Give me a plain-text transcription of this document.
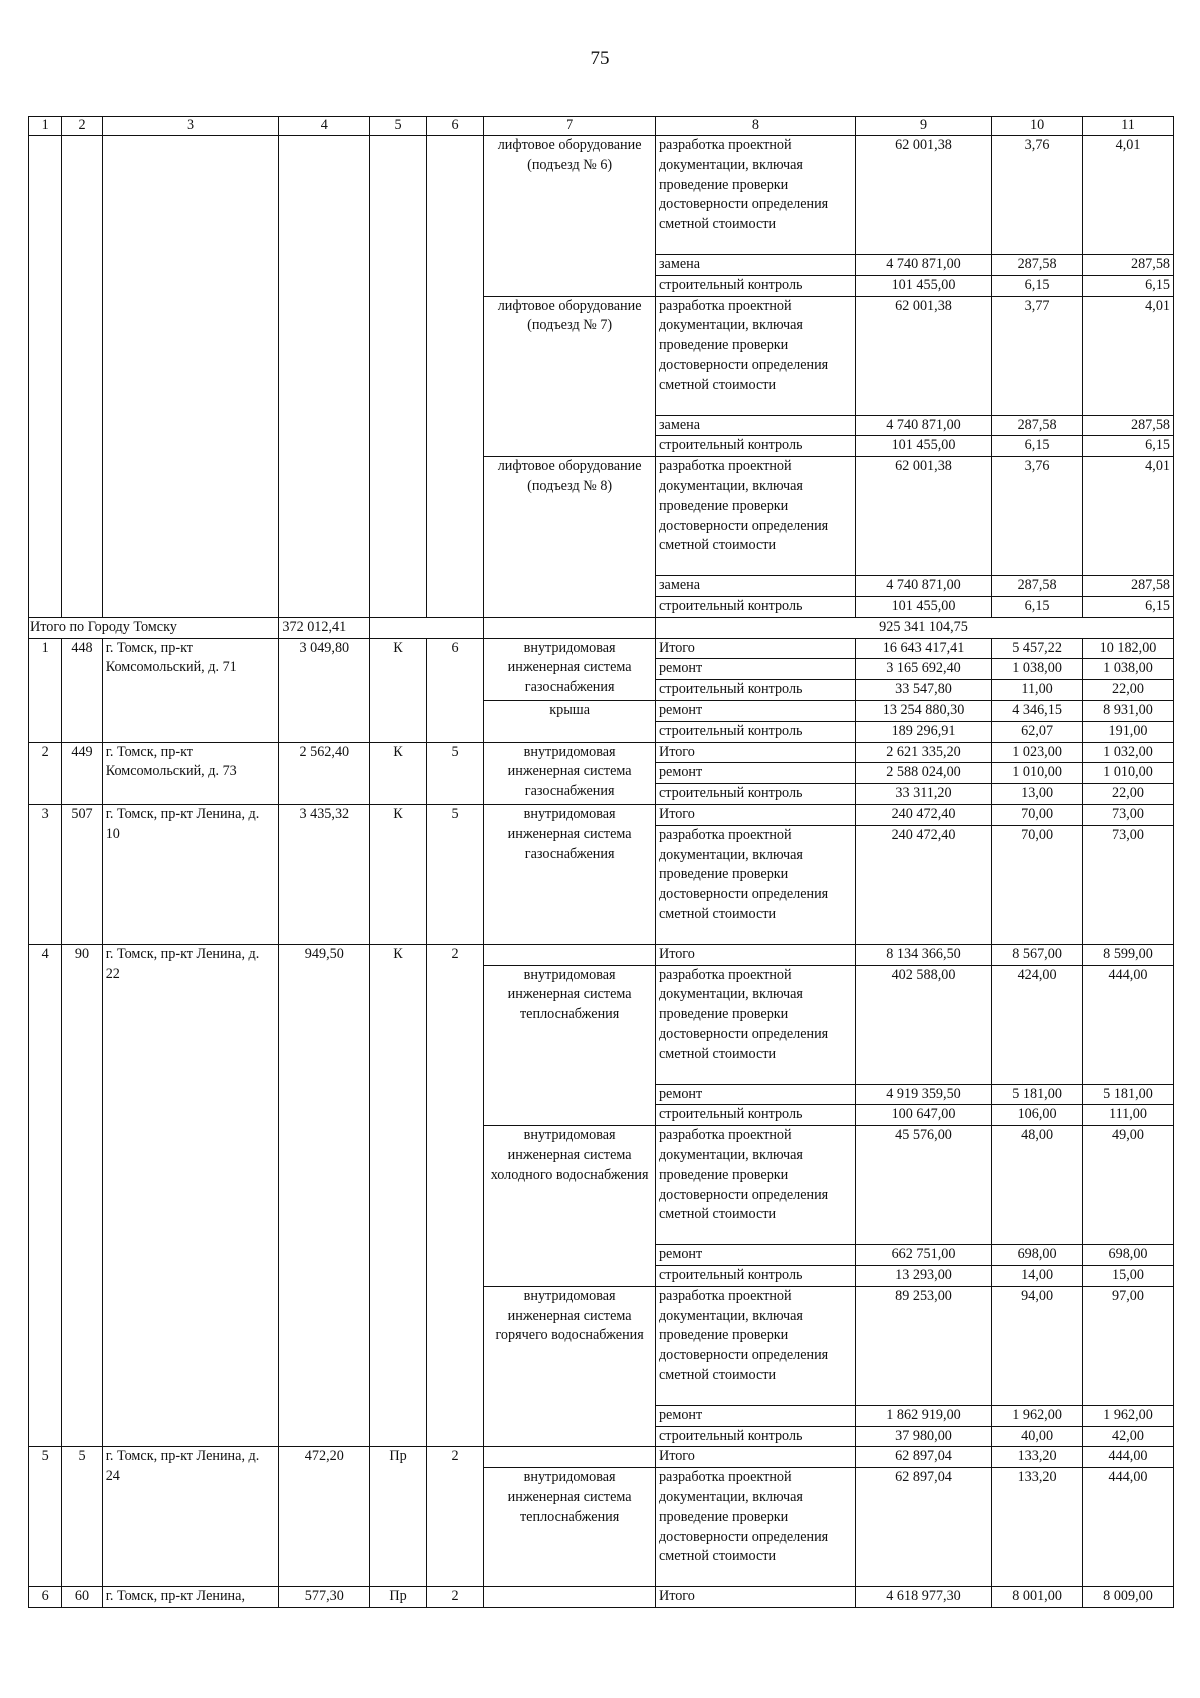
75
1	2	3	4	5	6	7	8	9	10	11
						лифтовое оборудование (подъезд № 6)	разработка проектной документации, включая проведение проверки достоверности определения сметной стоимости	62 001,38	3,76	4,01
							замена	4 740 871,00	287,58	287,58
							строительный контроль	101 455,00	6,15	6,15
						лифтовое оборудование (подъезд № 7)	разработка проектной документации, включая проведение проверки достоверности определения сметной стоимости	62 001,38	3,77	4,01
							замена	4 740 871,00	287,58	287,58
							строительный контроль	101 455,00	6,15	6,15
						лифтовое оборудование (подъезд № 8)	разработка проектной документации, включая проведение проверки достоверности определения сметной стоимости	62 001,38	3,76	4,01
							замена	4 740 871,00	287,58	287,58
							строительный контроль	101 455,00	6,15	6,15
Итого по Городу Томску			372 012,41					925 341 104,75		
1	448	г. Томск, пр-кт Комсомольский, д. 71	3 049,80	К	6	внутридомовая инженерная система газоснабжения	Итого	16 643 417,41	5 457,22	10 182,00
							ремонт	3 165 692,40	1 038,00	1 038,00
							строительный контроль	33 547,80	11,00	22,00
						крыша	ремонт	13 254 880,30	4 346,15	8 931,00
							строительный контроль	189 296,91	62,07	191,00
2	449	г. Томск, пр-кт Комсомольский, д. 73	2 562,40	К	5	внутридомовая инженерная система газоснабжения	Итого	2 621 335,20	1 023,00	1 032,00
							ремонт	2 588 024,00	1 010,00	1 010,00
							строительный контроль	33 311,20	13,00	22,00
3	507	г. Томск, пр-кт Ленина, д. 10	3 435,32	К	5	внутридомовая инженерная система газоснабжения	Итого	240 472,40	70,00	73,00
							разработка проектной документации, включая проведение проверки достоверности определения сметной стоимости	240 472,40	70,00	73,00
4	90	г. Томск, пр-кт Ленина, д. 22	949,50	К	2		Итого	8 134 366,50	8 567,00	8 599,00
						внутридомовая инженерная система теплоснабжения	разработка проектной документации, включая проведение проверки достоверности определения сметной стоимости	402 588,00	424,00	444,00
							ремонт	4 919 359,50	5 181,00	5 181,00
							строительный контроль	100 647,00	106,00	111,00
						внутридомовая инженерная система холодного водоснабжения	разработка проектной документации, включая проведение проверки достоверности определения сметной стоимости	45 576,00	48,00	49,00
							ремонт	662 751,00	698,00	698,00
							строительный контроль	13 293,00	14,00	15,00
						внутридомовая инженерная система горячего водоснабжения	разработка проектной документации, включая проведение проверки достоверности определения сметной стоимости	89 253,00	94,00	97,00
							ремонт	1 862 919,00	1 962,00	1 962,00
							строительный контроль	37 980,00	40,00	42,00
5	5	г. Томск, пр-кт Ленина, д. 24	472,20	Пр	2		Итого	62 897,04	133,20	444,00
						внутридомовая инженерная система теплоснабжения	разработка проектной документации, включая проведение проверки достоверности определения сметной стоимости	62 897,04	133,20	444,00
6	60	г. Томск, пр-кт Ленина,	577,30	Пр	2		Итого	4 618 977,30	8 001,00	8 009,00
